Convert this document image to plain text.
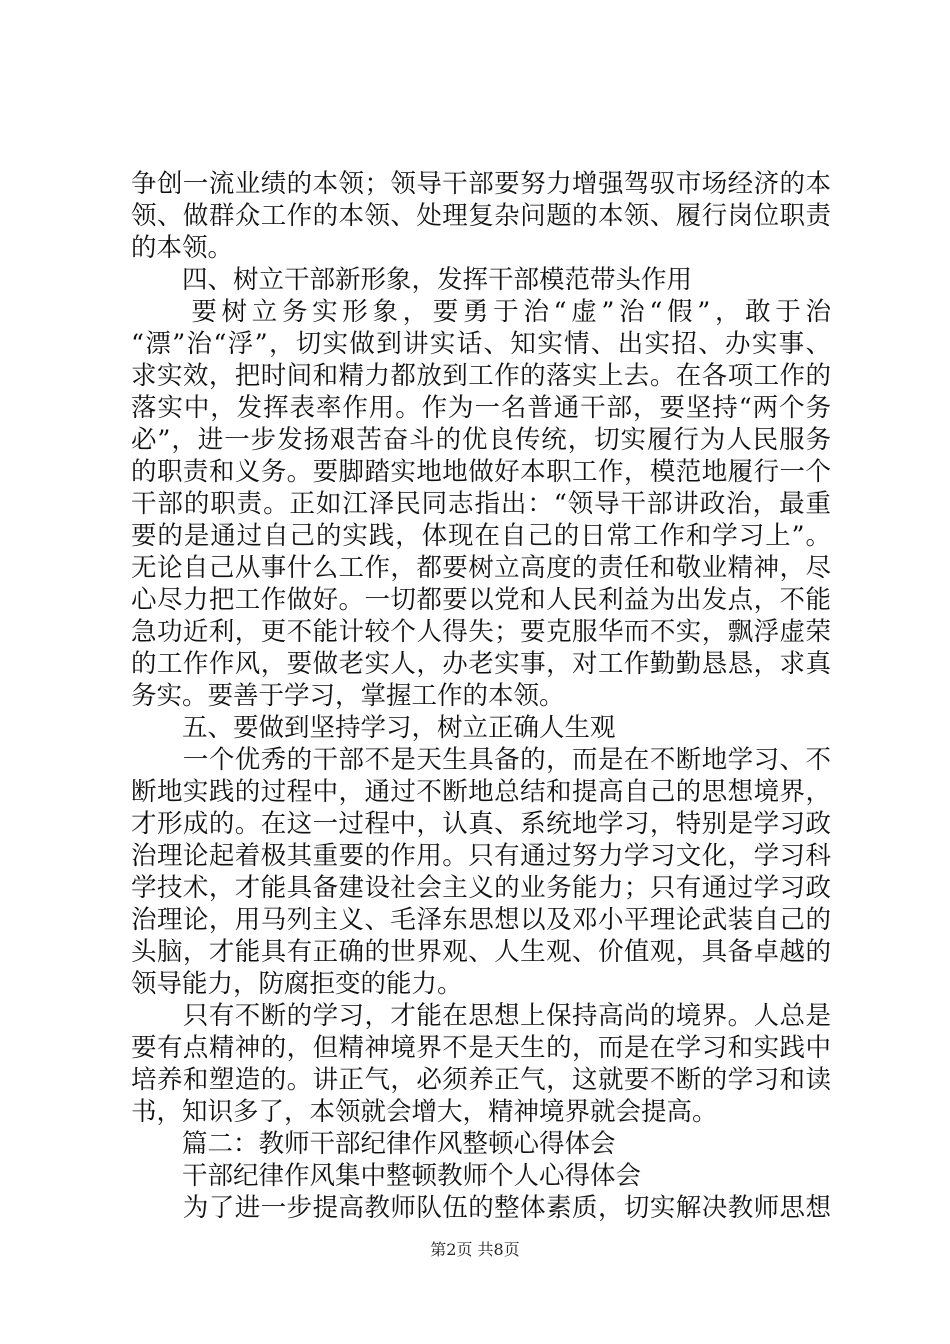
争创一流业绩的本领；领导干部要努力增强驾驭市场经济的本
领、做群众工作的本领、处理复杂问题的本领、履行岗位职责
的本领。
　　四、树立干部新形象，发挥干部模范带头作用
　　要树立务实形象，要勇于治“虚”治“假”，敢于治
“漂”治“浮”，切实做到讲实话、知实情、出实招、办实事、
求实效，把时间和精力都放到工作的落实上去。在各项工作的
落实中，发挥表率作用。作为一名普通干部，要坚持“两个务
必”，进一步发扬艰苦奋斗的优良传统，切实履行为人民服务
的职责和义务。要脚踏实地地做好本职工作，模范地履行一个
干部的职责。正如江泽民同志指出：“领导干部讲政治，最重
要的是通过自己的实践，体现在自己的日常工作和学习上”。
无论自己从事什么工作，都要树立高度的责任和敬业精神，尽
心尽力把工作做好。一切都要以党和人民利益为出发点，不能
急功近利，更不能计较个人得失；要克服华而不实，飘浮虚荣
的工作作风，要做老实人，办老实事，对工作勤勤恳恳，求真
务实。要善于学习，掌握工作的本领。
　　五、要做到坚持学习，树立正确人生观
　　一个优秀的干部不是天生具备的，而是在不断地学习、不
断地实践的过程中，通过不断地总结和提高自己的思想境界，
才形成的。在这一过程中，认真、系统地学习，特别是学习政
治理论起着极其重要的作用。只有通过努力学习文化，学习科
学技术，才能具备建设社会主义的业务能力；只有通过学习政
治理论，用马列主义、毛泽东思想以及邓小平理论武装自己的
头脑，才能具有正确的世界观、人生观、价值观，具备卓越的
领导能力，防腐拒变的能力。
　　只有不断的学习，才能在思想上保持高尚的境界。人总是
要有点精神的，但精神境界不是天生的，而是在学习和实践中
培养和塑造的。讲正气，必须养正气，这就要不断的学习和读
书，知识多了，本领就会增大，精神境界就会提高。
　　篇二：教师干部纪律作风整顿心得体会
　　干部纪律作风集中整顿教师个人心得体会
　　为了进一步提高教师队伍的整体素质，切实解决教师思想
第2页 共8页
